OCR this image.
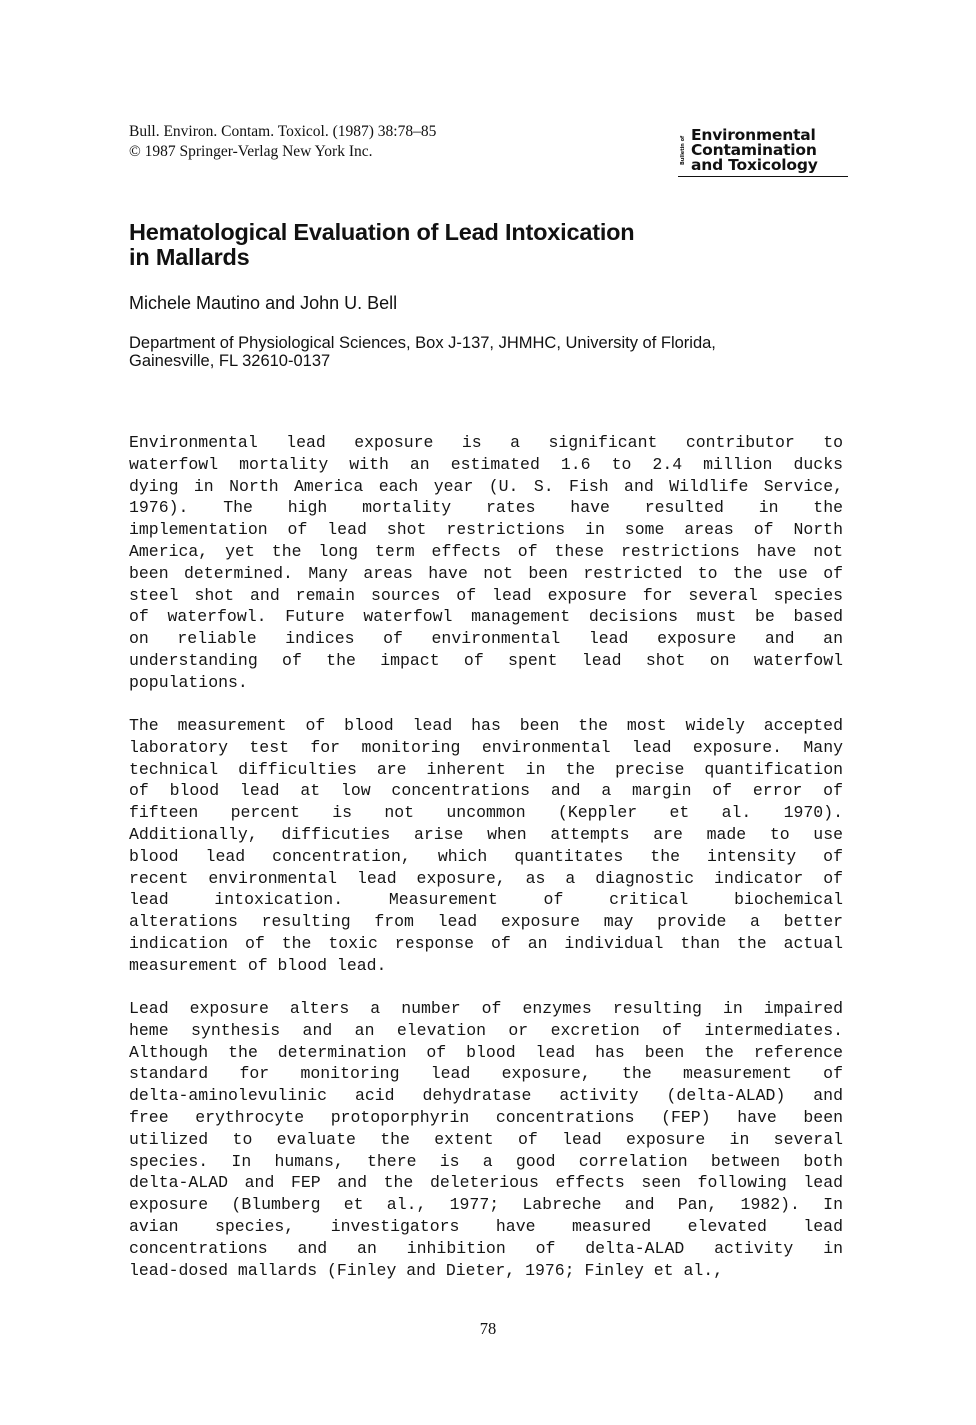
Bull. Environ. Contam. Toxicol. (1987) 38:78–85
© 1987 Springer-Verlag New York Inc.	Bulletin of
Environmental
Contamination
and Toxicology
Hematological Evaluation of Lead Intoxication
in Mallards
Michele Mautino and John U. Bell
Department of Physiological Sciences, Box J-137, JHMHC, University of Florida,
Gainesville, FL 32610-0137
Environmental lead exposure is a significant contributor to
waterfowl mortality with an estimated 1.6 to 2.4 million ducks
dying in North America each year (U. S. Fish and Wildlife Service,
1976). The high mortality rates have resulted in the
implementation of lead shot restrictions in some areas of North
America, yet the long term effects of these restrictions have not
been determined. Many areas have not been restricted to the use of
steel shot and remain sources of lead exposure for several species
of waterfowl. Future waterfowl management decisions must be based
on reliable indices of environmental lead exposure and an
understanding of the impact of spent lead shot on waterfowl
populations.
The measurement of blood lead has been the most widely accepted
laboratory test for monitoring environmental lead exposure. Many
technical difficulties are inherent in the precise quantification
of blood lead at low concentrations and a margin of error of
fifteen percent is not uncommon (Keppler et al. 1970).
Additionally, difficuties arise when attempts are made to use
blood lead concentration, which quantitates the intensity of
recent environmental lead exposure, as a diagnostic indicator of
lead intoxication. Measurement of critical biochemical
alterations resulting from lead exposure may provide a better
indication of the toxic response of an individual than the actual
measurement of blood lead.
Lead exposure alters a number of enzymes resulting in impaired
heme synthesis and an elevation or excretion of intermediates.
Although the determination of blood lead has been the reference
standard for monitoring lead exposure, the measurement of
delta-aminolevulinic acid dehydratase activity (delta-ALAD) and
free erythrocyte protoporphyrin concentrations (FEP) have been
utilized to evaluate the extent of lead exposure in several
species. In humans, there is a good correlation between both
delta-ALAD and FEP and the deleterious effects seen following lead
exposure (Blumberg et al., 1977; Labreche and Pan, 1982). In
avian species, investigators have measured elevated lead
concentrations and an inhibition of delta-ALAD activity in
lead-dosed mallards (Finley and Dieter, 1976; Finley et al.,
78
